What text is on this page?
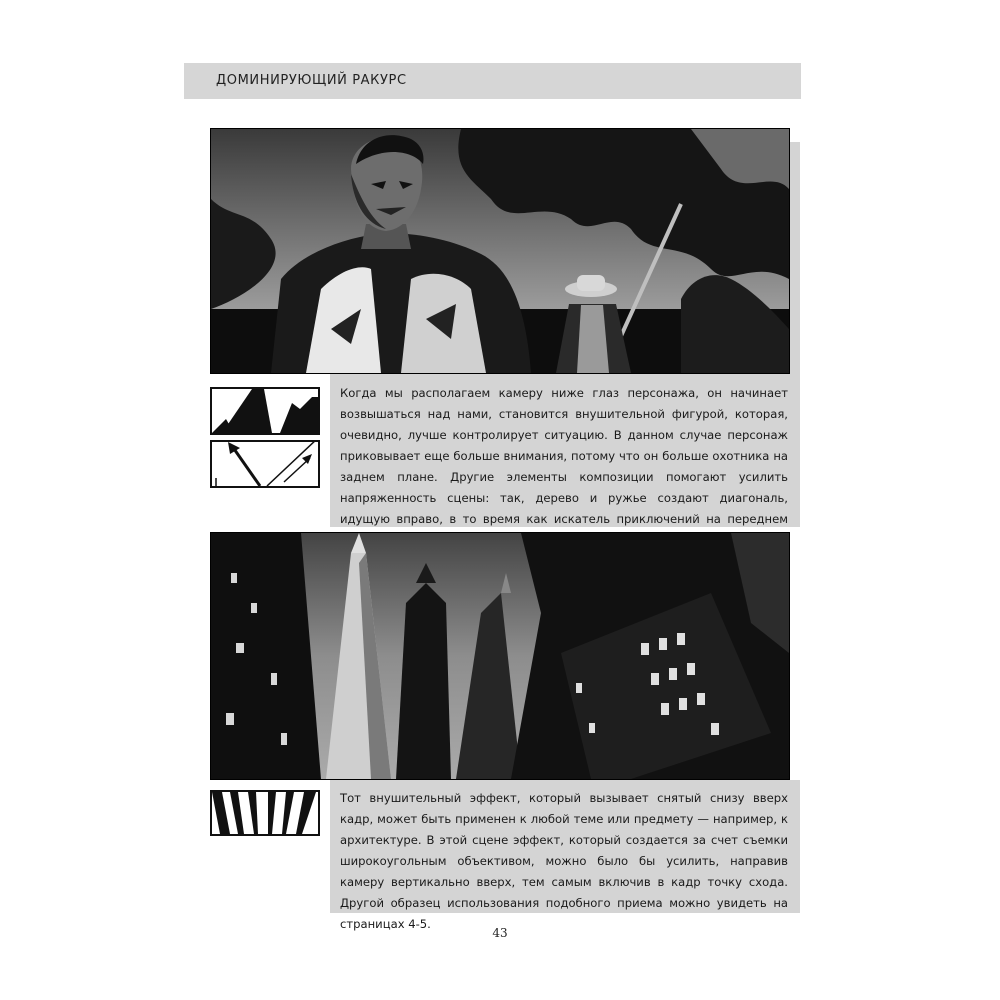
ДОМИНИРУЮЩИЙ РАКУРС
Когда мы располагаем камеру ниже глаз персонажа, он начинает возвышаться над нами, становится внушительной фигурой, которая, очевидно, лучше контролирует ситуацию. В данном случае персонаж приковывает еще больше внимания, потому что он больше охотника на заднем плане. Другие элементы композиции помогают усилить напряженность сцены: так, дерево и ружье создают диагональ, идущую вправо, в то время как искатель приключений на переднем
Тот внушительный эффект, который вызывает снятый снизу вверх кадр, может быть применен к любой теме или предмету — например, к архитектуре. В этой сцене эффект, который создается за счет съемки широкоугольным объективом, можно было бы усилить, направив камеру вертикально вверх, тем самым включив в кадр точку схода. Другой образец использования подобного приема можно увидеть на страницах 4-5.
43
